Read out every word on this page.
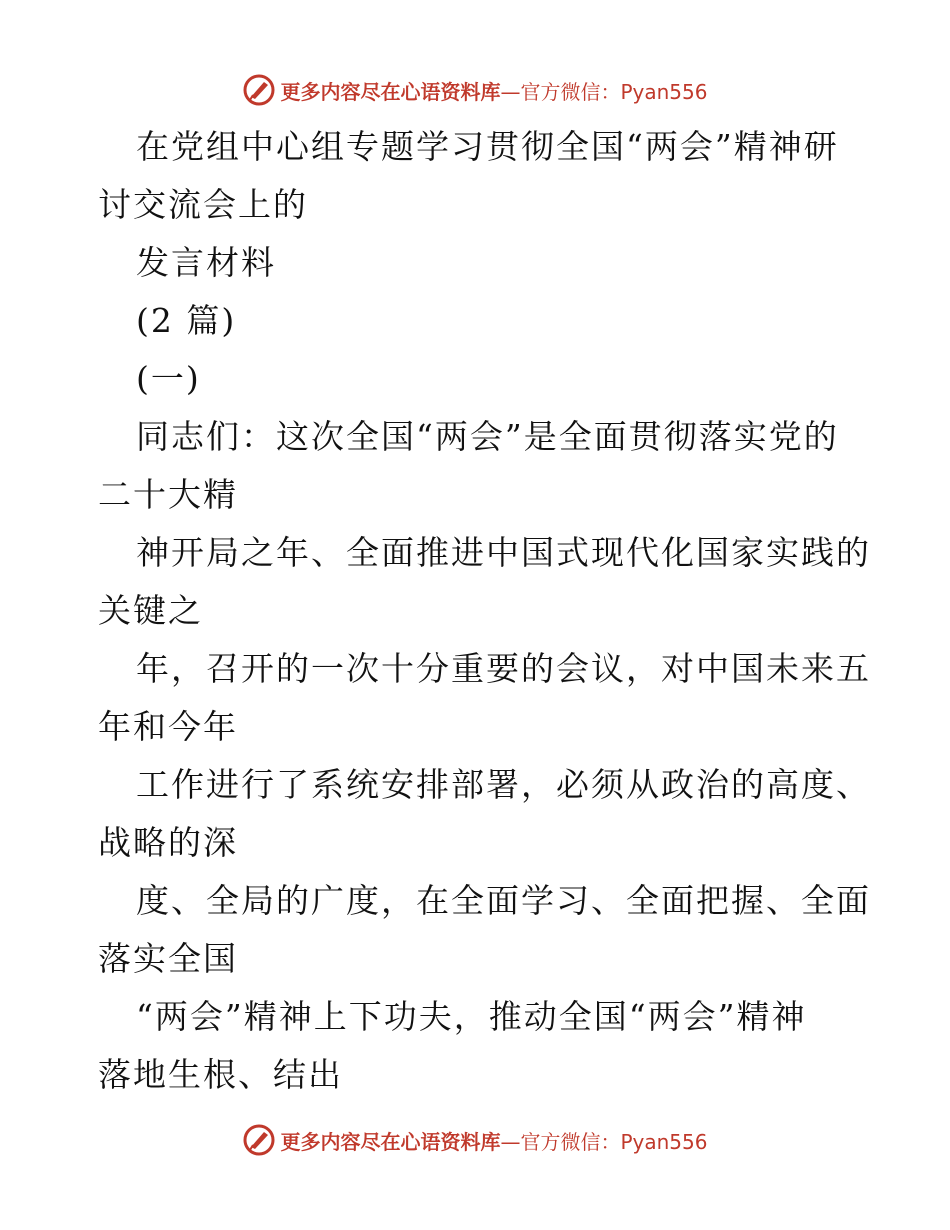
更多内容尽在心语资料库 —官方微信：Pyan556
在党组中心组专题学习贯彻全国“两会”精神研
讨交流会上的
发言材料
(2 篇)
(一)
同志们：这次全国“两会”是全面贯彻落实党的
二十大精
神开局之年、全面推进中国式现代化国家实践的
关键之
年，召开的一次十分重要的会议，对中国未来五
年和今年
工作进行了系统安排部署，必须从政治的高度、
战略的深
度、全局的广度，在全面学习、全面把握、全面
落实全国
“两会”精神上下功夫，推动全国“两会”精神
落地生根、结出
更多内容尽在心语资料库 —官方微信：Pyan556
